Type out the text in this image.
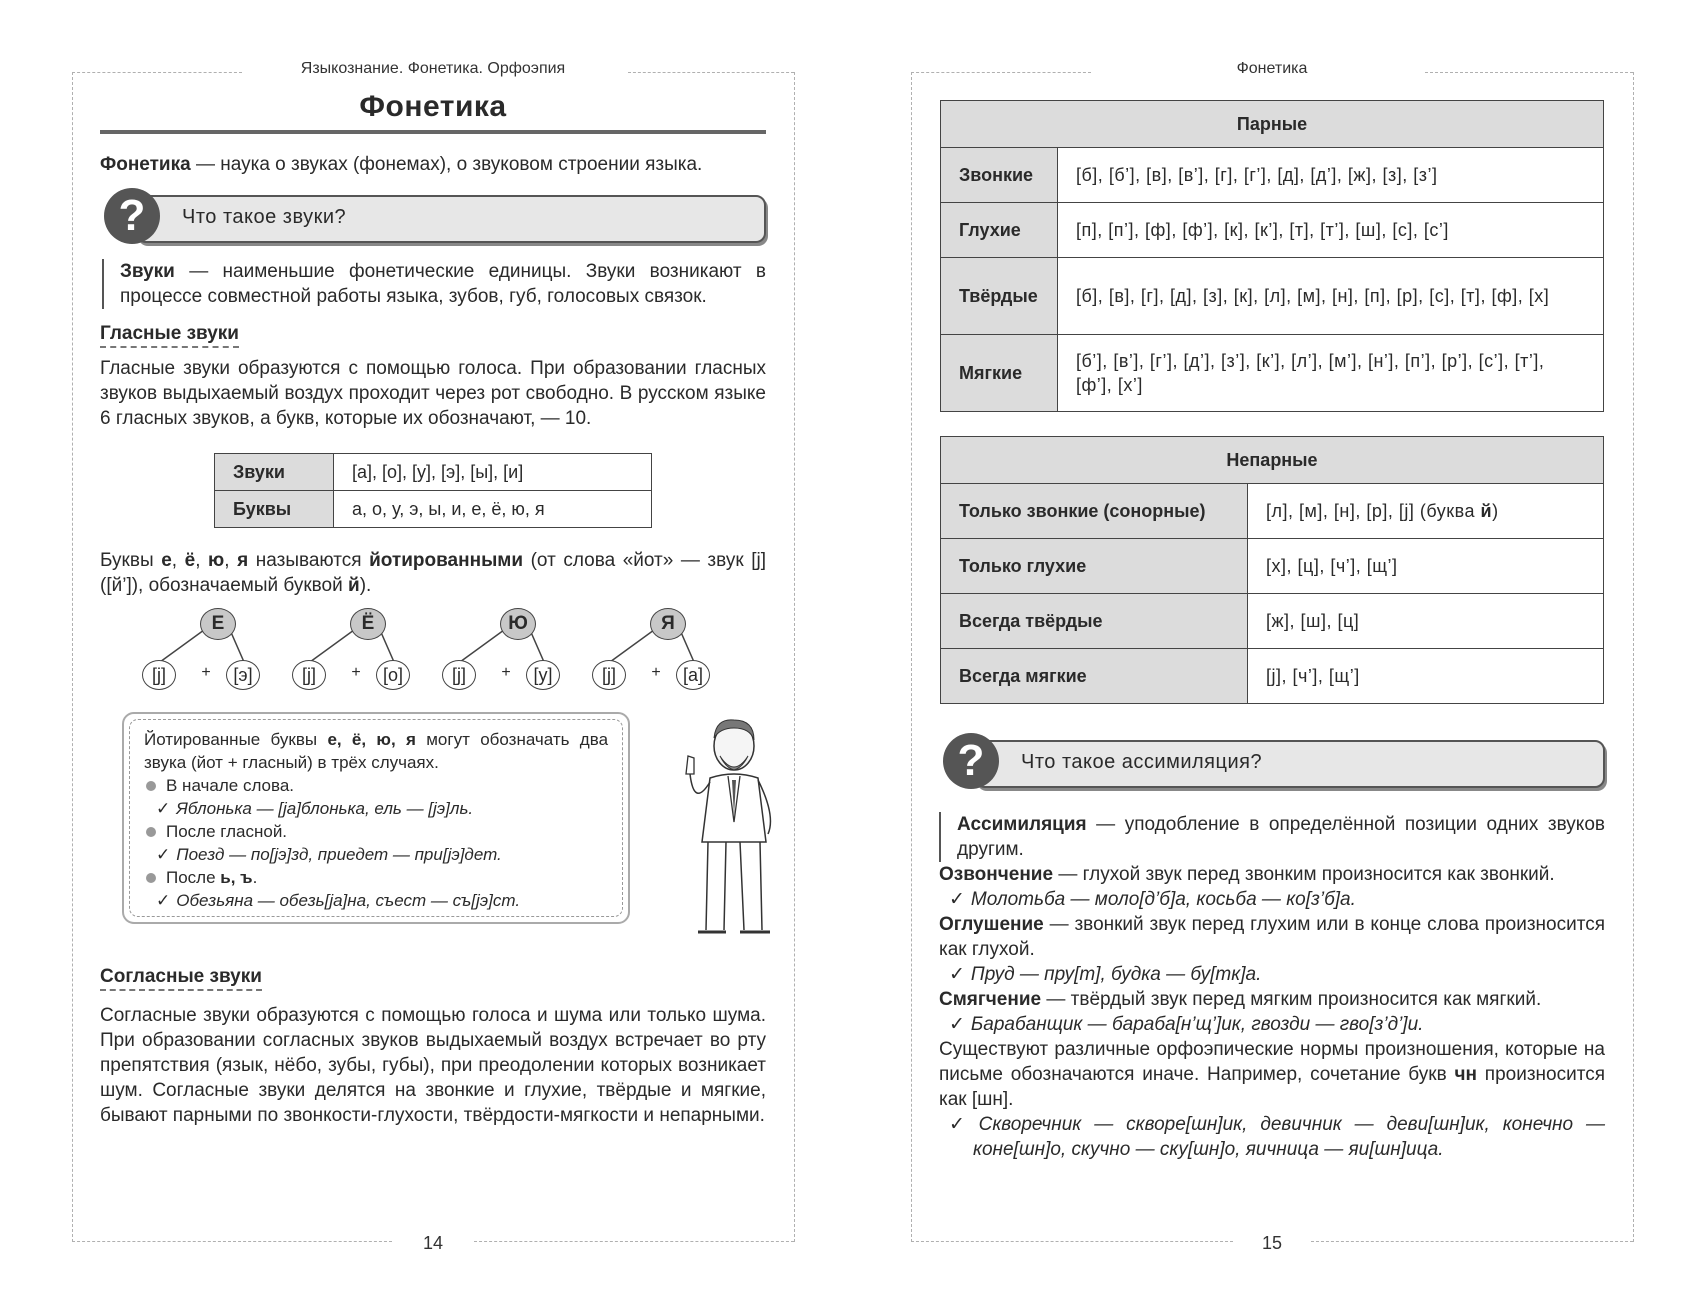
Языкознание. Фонетика. Орфоэпия
Фонетика

Фонетика — наука о звуках (фонемах), о звуковом строении языка.

?	Что такое звуки?

Звуки — наименьшие фонетические единицы. Звуки возникают в процессе совместной работы языка, зубов, губ, голосовых связок.

Гласные звуки

Гласные звуки образуются с помощью голоса. При образовании гласных звуков выдыхаемый воздух проходит через рот свободно. В русском языке 6 гласных звуков, а букв, которые их обозначают, — 10.

Звуки	[а], [о], [у], [э], [ы], [и]
Буквы	а, о, у, э, ы, и, е, ё, ю, я

Буквы е, ё, ю, я называются йотированными (от слова «йот» — звук [j] ([й’]), обозначаемый буквой й).

Е
[j]	+	[э]
Ё
[j]	+	[о]
Ю
[j]	+	[у]
Я
[j]	+	[а]
Йотированные буквы е, ё, ю, я могут обозначать два звука (йот + гласный) в трёх случаях.
В начале слова.
✓ Яблонька — [ja]блонька, ель — [jэ]ль.
После гласной.
✓ Поезд — по[jэ]зд, приедет — при[jэ]дет.
После ь, ъ.
✓ Обезьяна — обезь[ja]на, съест — съ[jэ]ст.
Согласные звуки

Согласные звуки образуются с помощью голоса и шума или только шума. При образовании согласных звуков выдыхаемый воздух встречает во рту препятствия (язык, нёбо, зубы, губы), при преодолении которых возникает шум. Согласные звуки делятся на звонкие и глухие, твёрдые и мягкие, бывают парными по звонкости-глухости, твёрдости-мягкости и непарными.

14
Фонетика
Парные	
Звонкие	[б], [б’], [в], [в’], [г], [г’], [д], [д’], [ж], [з], [з’]
Глухие	[п], [п’], [ф], [ф’], [к], [к’], [т], [т’], [ш], [с], [с’]
Твёрдые	[б], [в], [г], [д], [з], [к], [л], [м], [н], [п], [р], [с], [т], [ф], [х]
Мягкие	[б’], [в’], [г’], [д’], [з’], [к’], [л’], [м’], [н’], [п’], [р’], [с’], [т’], [ф’], [х’]
Непарные	
Только звонкие (сонорные)	[л], [м], [н], [р], [j] (буква й)
Только глухие	[х], [ц], [ч’], [щ’]
Всегда твёрдые	[ж], [ш], [ц]
Всегда мягкие	[j], [ч’], [щ’]
?	Что такое ассимиляция?

Ассимиляция — уподобление в определённой позиции одних звуков другим.

Озвончение — глухой звук перед звонким произносится как звонкий.

✓ Молотьба — моло[д’б]а, косьба — ко[з’б]а.

Оглушение — звонкий звук перед глухим или в конце слова произносится как глухой.

✓ Пруд — пру[т], будка — бу[тк]а.

Смягчение — твёрдый звук перед мягким произносится как мягкий.

✓ Барабанщик — бараба[н’щ’]ик, гвозди — гво[з’д’]и.

Существуют различные орфоэпические нормы произношения, которые на письме обозначаются иначе. Например, сочетание букв чн произносится как [шн].

✓ Скворечник — скворе[шн]ик, девичник — деви[шн]ик, конечно — коне[шн]о, скучно — ску[шн]о, яичница — яи[шн]ица.
15
